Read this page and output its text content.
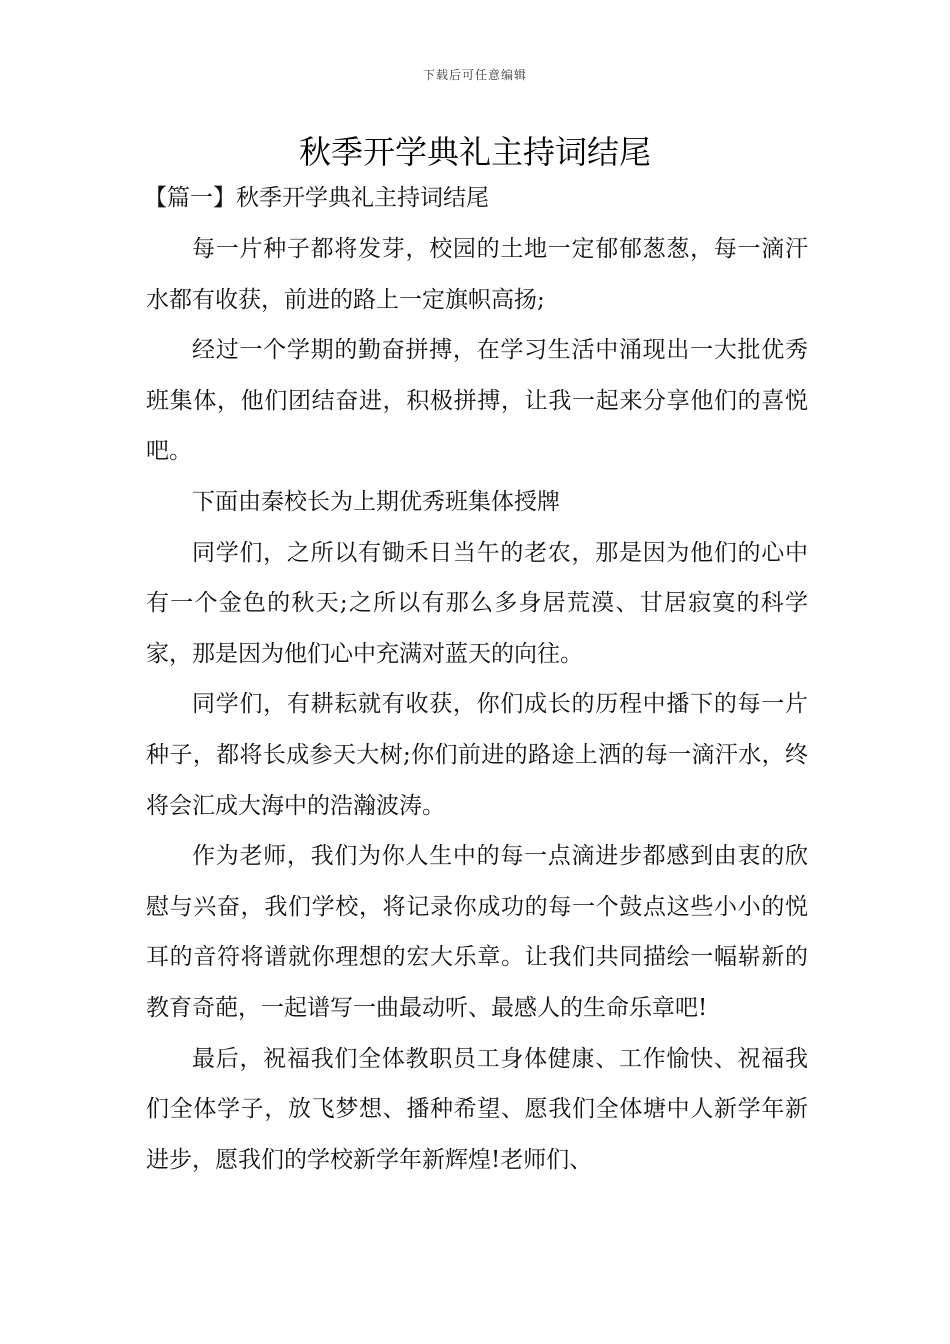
下载后可任意编辑
秋季开学典礼主持词结尾
【篇一】秋季开学典礼主持词结尾

每一片种子都将发芽，校园的土地一定郁郁葱葱，每一滴汗水都有收获，前进的路上一定旗帜高扬;

经过一个学期的勤奋拼搏，在学习生活中涌现出一大批优秀班集体，他们团结奋进，积极拼搏，让我一起来分享他们的喜悦吧。

下面由秦校长为上期优秀班集体授牌

同学们，之所以有锄禾日当午的老农，那是因为他们的心中有一个金色的秋天;之所以有那么多身居荒漠、甘居寂寞的科学家，那是因为他们心中充满对蓝天的向往。

同学们，有耕耘就有收获，你们成长的历程中播下的每一片种子，都将长成参天大树;你们前进的路途上洒的每一滴汗水，终将会汇成大海中的浩瀚波涛。

作为老师，我们为你人生中的每一点滴进步都感到由衷的欣慰与兴奋，我们学校，将记录你成功的每一个鼓点这些小小的悦耳的音符将谱就你理想的宏大乐章。让我们共同描绘一幅崭新的教育奇葩，一起谱写一曲最动听、最感人的生命乐章吧!

最后，祝福我们全体教职员工身体健康、工作愉快、祝福我们全体学子，放飞梦想、播种希望、愿我们全体塘中人新学年新进步，愿我们的学校新学年新辉煌!老师们、
